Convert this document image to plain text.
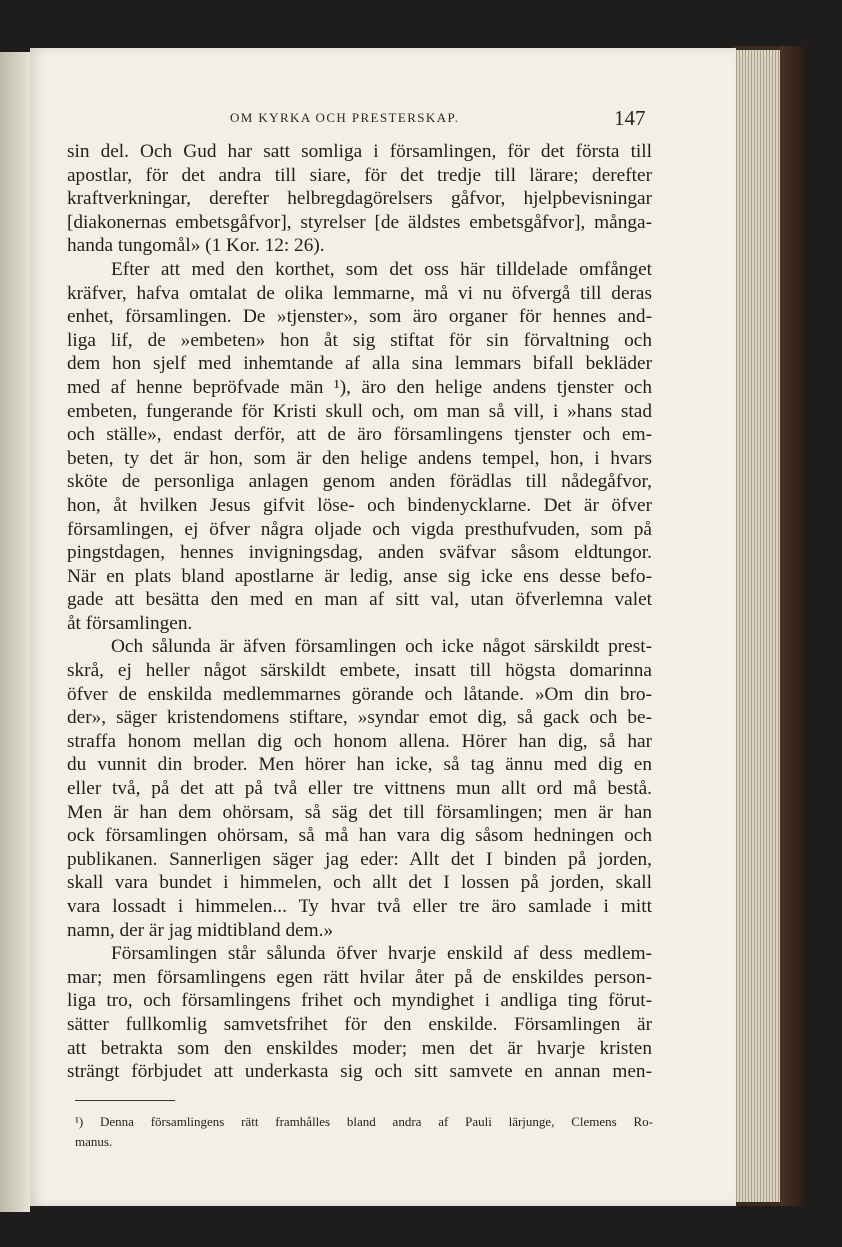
OM KYRKA OCH PRESTERSKAP.	147
sin del. Och Gud har satt somliga i församlingen, för det första till
apostlar, för det andra till siare, för det tredje till lärare; derefter
kraftverkningar, derefter helbregdagörelsers gåfvor, hjelpbevisningar
[diakonernas embetsgåfvor], styrelser [de äldstes embetsgåfvor], många-
handa tungomål» (1 Kor. 12: 26).
Efter att med den korthet, som det oss här tilldelade omfånget
kräfver, hafva omtalat de olika lemmarne, må vi nu öfvergå till deras
enhet, församlingen. De »tjenster», som äro organer för hennes and-
liga lif, de »embeten» hon åt sig stiftat för sin förvaltning och
dem hon sjelf med inhemtande af alla sina lemmars bifall bekläder
med af henne bepröfvade män ¹), äro den helige andens tjenster och
embeten, fungerande för Kristi skull och, om man så vill, i »hans stad
och ställe», endast derför, att de äro församlingens tjenster och em-
beten, ty det är hon, som är den helige andens tempel, hon, i hvars
sköte de personliga anlagen genom anden förädlas till nådegåfvor,
hon, åt hvilken Jesus gifvit löse- och bindenycklarne. Det är öfver
församlingen, ej öfver några oljade och vigda presthufvuden, som på
pingstdagen, hennes invigningsdag, anden sväfvar såsom eldtungor.
När en plats bland apostlarne är ledig, anse sig icke ens desse befo-
gade att besätta den med en man af sitt val, utan öfverlemna valet
åt församlingen.
Och sålunda är äfven församlingen och icke något särskildt prest-
skrå, ej heller något särskildt embete, insatt till högsta domarinna
öfver de enskilda medlemmarnes görande och låtande. »Om din bro-
der», säger kristendomens stiftare, »syndar emot dig, så gack och be-
straffa honom mellan dig och honom allena. Hörer han dig, så har
du vunnit din broder. Men hörer han icke, så tag ännu med dig en
eller två, på det att på två eller tre vittnens mun allt ord må bestå.
Men är han dem ohörsam, så säg det till församlingen; men är han
ock församlingen ohörsam, så må han vara dig såsom hedningen och
publikanen. Sannerligen säger jag eder: Allt det I binden på jorden,
skall vara bundet i himmelen, och allt det I lossen på jorden, skall
vara lossadt i himmelen... Ty hvar två eller tre äro samlade i mitt
namn, der är jag midtibland dem.»
Församlingen står sålunda öfver hvarje enskild af dess medlem-
mar; men församlingens egen rätt hvilar åter på de enskildes person-
liga tro, och församlingens frihet och myndighet i andliga ting förut-
sätter fullkomlig samvetsfrihet för den enskilde. Församlingen är
att betrakta som den enskildes moder; men det är hvarje kristen
strängt förbjudet att underkasta sig och sitt samvete en annan men-
¹) Denna församlingens rätt framhålles bland andra af Pauli lärjunge, Clemens Ro-
manus.
